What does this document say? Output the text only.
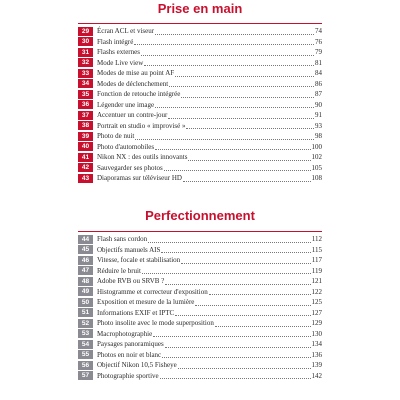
Prise en main
29	Écran ACL et viseur	74
30	Flash intégré	76
31	Flashs externes	79
32	Mode Live view	81
33	Modes de mise au point AF	84
34	Modes de déclenchement	86
35	Fonction de retouche intégrée	87
36	Légender une image	90
37	Accentuer un contre-jour	91
38	Portrait en studio « improvisé »	93
39	Photo de nuit	98
40	Photo d'automobiles	100
41	Nikon NX : des outils innovants	102
42	Sauvegarder ses photos	105
43	Diaporamas sur téléviseur HD	108
Perfectionnement
44	Flash sans cordon	112
45	Objectifs manuels AIS	115
46	Vitesse, focale et stabilisation	117
47	Réduire le bruit	119
48	Adobe RVB ou SRVB ?	121
49	Histogramme et correcteur d'exposition	122
50	Exposition et mesure de la lumière	125
51	Informations EXIF et IPTC	127
52	Photo insolite avec le mode superposition	129
53	Macrophotographie	130
54	Paysages panoramiques	134
55	Photos en noir et blanc	136
56	Objectif Nikon 10,5 Fisheye	139
57	Photographie sportive	142
